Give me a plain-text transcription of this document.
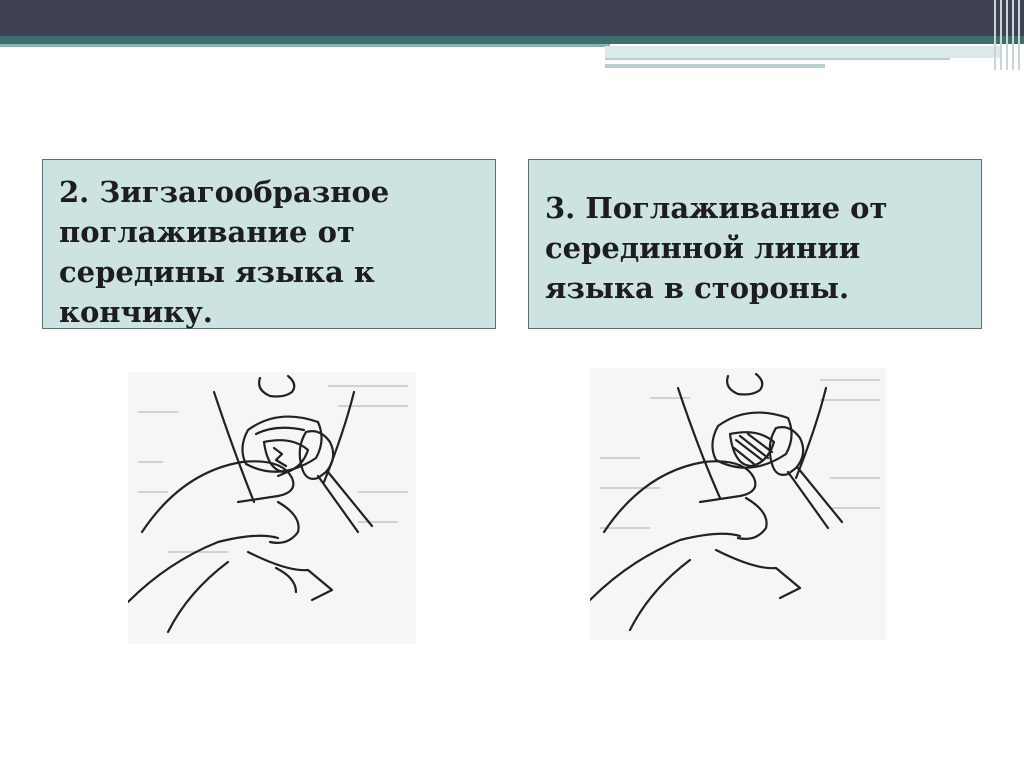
2. Зигзагообразное поглаживание от середины языка к кончику.
3. Поглаживание от серединной линии языка в стороны.
